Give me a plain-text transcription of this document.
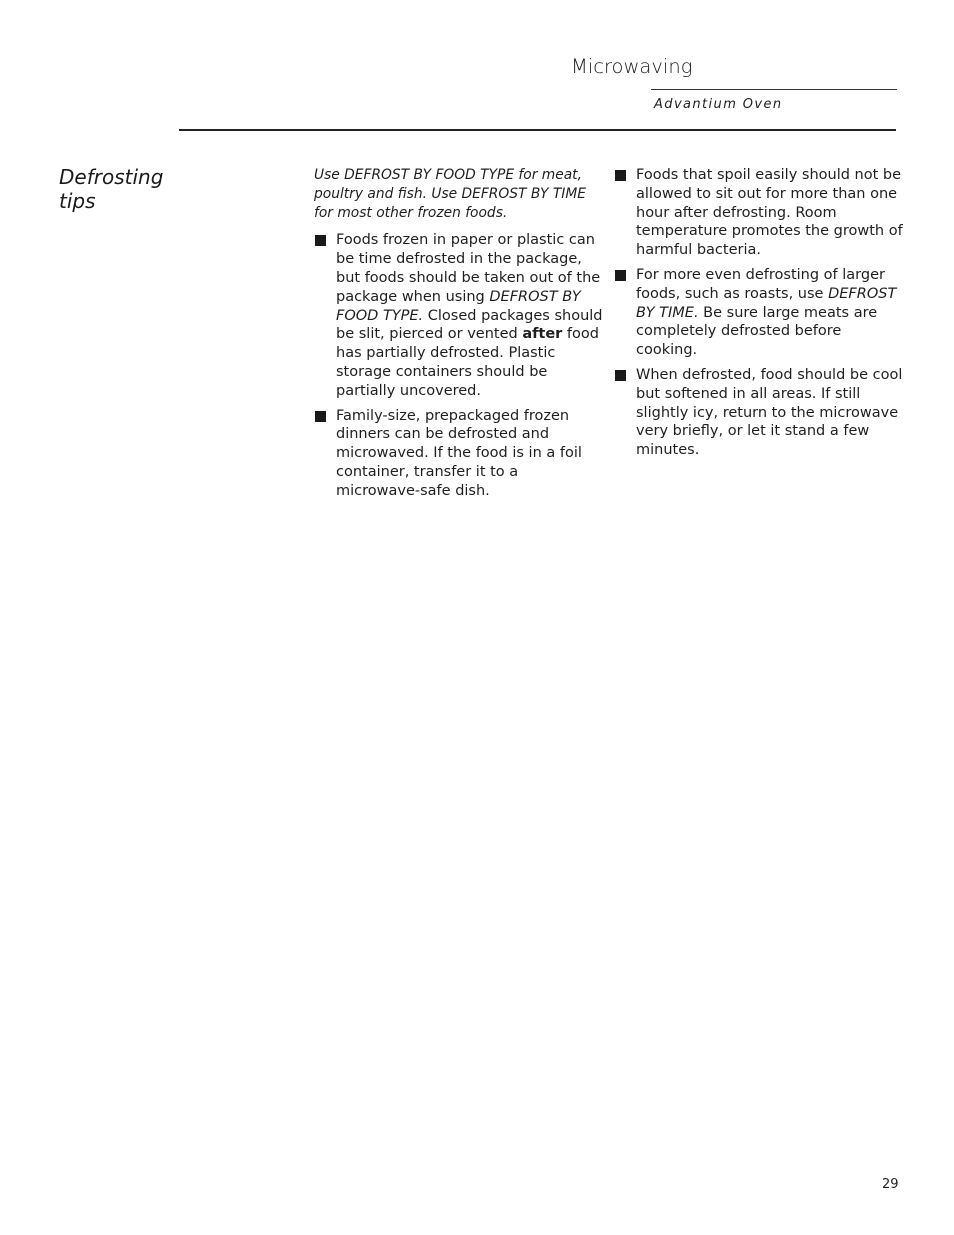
Microwaving
Advantium Oven
Defrosting
tips

Use DEFROST BY FOOD TYPE for meat, poultry and fish. Use DEFROST BY TIME for most other frozen foods.

Foods frozen in paper or plastic can be time defrosted in the package, but foods should be taken out of the package when using DEFROST BY FOOD TYPE. Closed packages should be slit, pierced or vented after food has partially defrosted. Plastic storage containers should be partially uncovered.
Family-size, prepackaged frozen dinners can be defrosted and microwaved. If the food is in a foil container, transfer it to a microwave-safe dish.
Foods that spoil easily should not be allowed to sit out for more than one hour after defrosting. Room temperature promotes the growth of harmful bacteria.
For more even defrosting of larger foods, such as roasts, use DEFROST BY TIME. Be sure large meats are completely defrosted before cooking.
When defrosted, food should be cool but softened in all areas. If still slightly icy, return to the microwave very briefly, or let it stand a few minutes.
29
